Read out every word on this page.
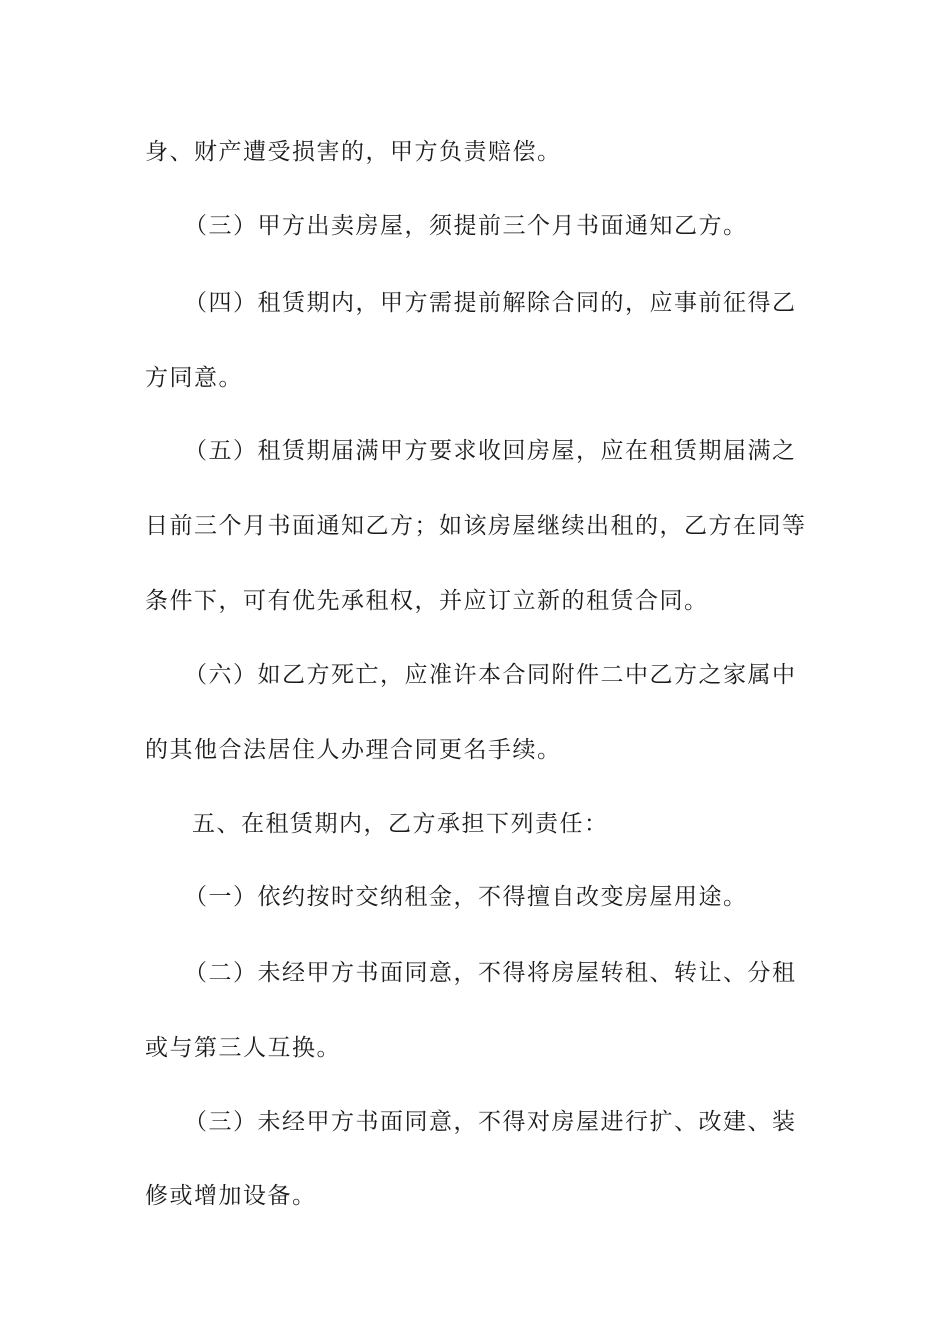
身、财产遭受损害的，甲方负责赔偿。
（三）甲方出卖房屋，须提前三个月书面通知乙方。
（四）租赁期内，甲方需提前解除合同的，应事前征得乙
方同意。
（五）租赁期届满甲方要求收回房屋，应在租赁期届满之
日前三个月书面通知乙方；如该房屋继续出租的，乙方在同等
条件下，可有优先承租权，并应订立新的租赁合同。
（六）如乙方死亡，应准许本合同附件二中乙方之家属中
的其他合法居住人办理合同更名手续。
五、在租赁期内，乙方承担下列责任：
（一）依约按时交纳租金，不得擅自改变房屋用途。
（二）未经甲方书面同意，不得将房屋转租、转让、分租
或与第三人互换。
（三）未经甲方书面同意，不得对房屋进行扩、改建、装
修或增加设备。
